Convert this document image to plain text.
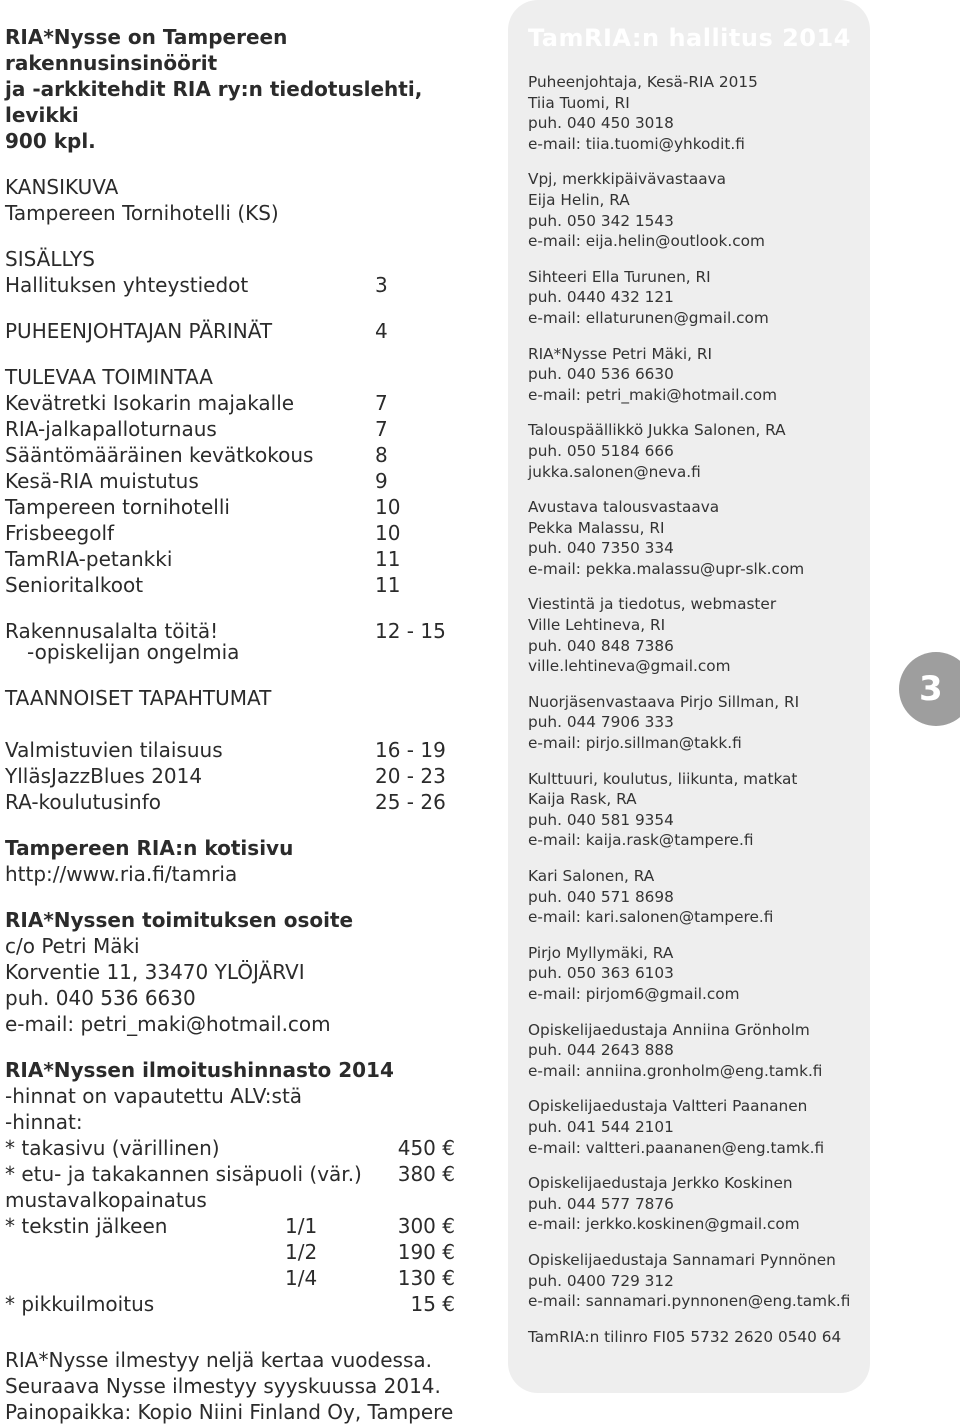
RIA*Nysse on Tampereen rakennusinsinöörit
ja -arkkitehdit RIA ry:n tiedotuslehti, levikki
900 kpl.
KANSIKUVA
Tampereen Tornihotelli (KS)
SISÄLLYS
Hallituksen yhteystiedot	3
PUHEENJOHTAJAN PÄRINÄT	4
TULEVAA TOIMINTAA
Kevätretki Isokarin majakalle	7
RIA-jalkapalloturnaus	7
Sääntömääräinen kevätkokous	8
Kesä-RIA muistutus	9
Tampereen tornihotelli	10
Frisbeegolf	10
TamRIA-petankki	11
Senioritalkoot	11
Rakennusalalta töitä!	12 - 15
-opiskelijan ongelmia
TAANNOISET TAPAHTUMAT
Valmistuvien tilaisuus	16 - 19
YlläsJazzBlues 2014	20 - 23
RA-koulutusinfo	25 - 26
Tampereen RIA:n kotisivu
http://www.ria.fi/tamria
RIA*Nyssen toimituksen osoite
c/o Petri Mäki
Korventie 11, 33470 YLÖJÄRVI
puh. 040 536 6630
e-mail: petri_maki@hotmail.com
RIA*Nyssen ilmoitushinnasto 2014
-hinnat on vapautettu ALV:stä
-hinnat:
* takasivu (värillinen)	450 €
* etu- ja takakannen sisäpuoli (vär.)	380 €
mustavalkopainatus
* tekstin jälkeen	1/1	300 €
1/2	190 €
1/4	130 €
* pikkuilmoitus	15 €
RIA*Nysse ilmestyy neljä kertaa vuodessa.
Seuraava Nysse ilmestyy syyskuussa 2014.
Painopaikka: Kopio Niini Finland Oy, Tampere
TamRIA:n hallitus 2014
Puheenjohtaja, Kesä-RIA 2015
Tiia Tuomi, RI
puh. 040 450 3018
e-mail: tiia.tuomi@yhkodit.fi
Vpj, merkkipäivävastaava
Eija Helin, RA
puh. 050 342 1543
e-mail: eija.helin@outlook.com
Sihteeri Ella Turunen, RI
puh. 0440 432 121
e-mail: ellaturunen@gmail.com
RIA*Nysse Petri Mäki, RI
puh. 040 536 6630
e-mail: petri_maki@hotmail.com
Talouspäällikkö Jukka Salonen, RA
puh. 050 5184 666
jukka.salonen@neva.fi
Avustava talousvastaava
Pekka Malassu, RI
puh. 040 7350 334
e-mail: pekka.malassu@upr-slk.com
Viestintä ja tiedotus, webmaster
Ville Lehtineva, RI
puh. 040 848 7386
ville.lehtineva@gmail.com
Nuorjäsenvastaava Pirjo Sillman, RI
puh. 044 7906 333
e-mail: pirjo.sillman@takk.fi
Kulttuuri, koulutus, liikunta, matkat
Kaija Rask, RA
puh. 040 581 9354
e-mail: kaija.rask@tampere.fi
Kari Salonen, RA
puh. 040 571 8698
e-mail: kari.salonen@tampere.fi
Pirjo Myllymäki, RA
puh. 050 363 6103
e-mail: pirjom6@gmail.com
Opiskelijaedustaja Anniina Grönholm
puh. 044 2643 888
e-mail: anniina.gronholm@eng.tamk.fi
Opiskelijaedustaja Valtteri Paananen
puh. 041 544 2101
e-mail: valtteri.paananen@eng.tamk.fi
Opiskelijaedustaja Jerkko Koskinen
puh. 044 577 7876
e-mail: jerkko.koskinen@gmail.com
Opiskelijaedustaja Sannamari Pynnönen
puh. 0400 729 312
e-mail: sannamari.pynnonen@eng.tamk.fi
TamRIA:n tilinro FI05 5732 2620 0540 64
3
